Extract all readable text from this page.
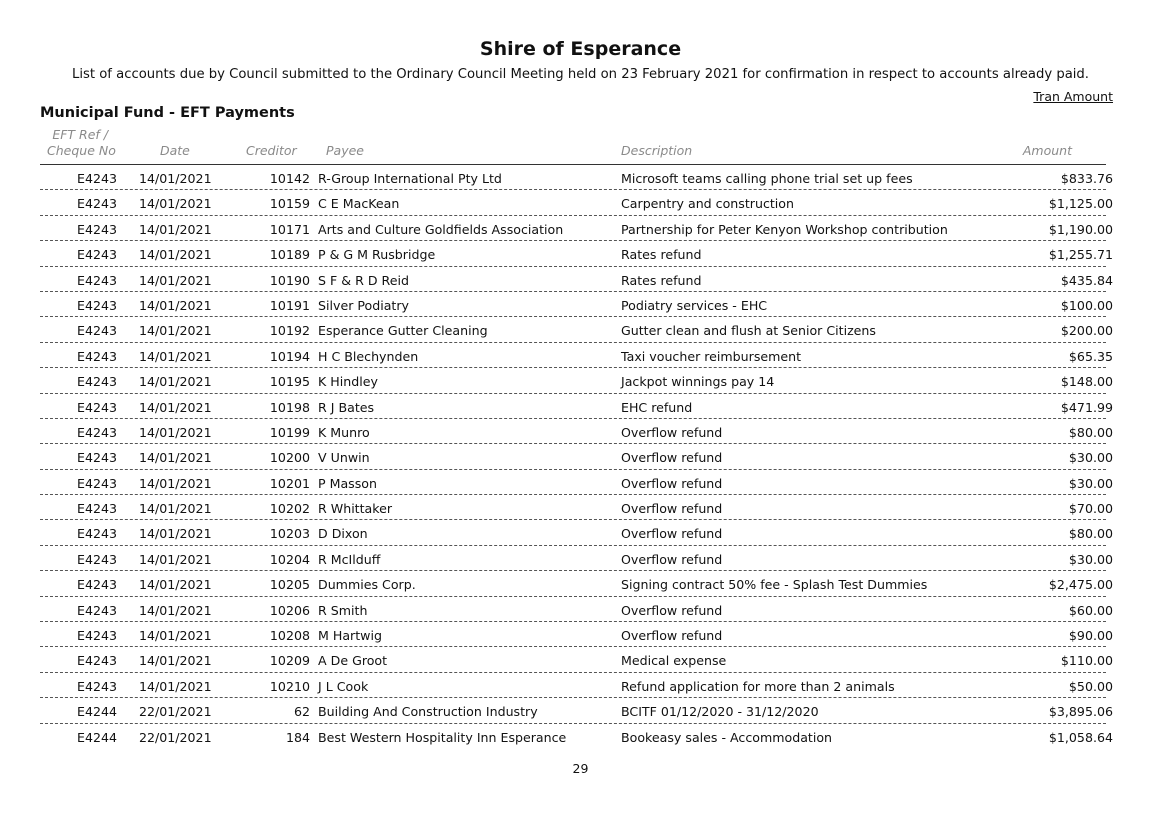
Shire of Esperance
List of accounts due by Council submitted to the Ordinary Council Meeting held on 23 February 2021 for confirmation in respect to accounts already paid.
Tran Amount
Municipal Fund - EFT Payments
EFT Ref /
Cheque No	Date	Creditor Payee	Description	Amount
E4243 14/01/2021	10142 R-Group International Pty Ltd	Microsoft teams calling phone trial set up fees	$833.76
E4243 14/01/2021	10159 C E MacKean	Carpentry and construction	$1,125.00
E4243 14/01/2021	10171 Arts and Culture Goldfields Association	Partnership for Peter Kenyon Workshop contribution	$1,190.00
E4243 14/01/2021	10189 P & G M Rusbridge	Rates refund	$1,255.71
E4243 14/01/2021	10190 S F & R D Reid	Rates refund	$435.84
E4243 14/01/2021	10191 Silver Podiatry	Podiatry services - EHC	$100.00
E4243 14/01/2021	10192 Esperance Gutter Cleaning	Gutter clean and flush at Senior Citizens	$200.00
E4243 14/01/2021	10194 H C Blechynden	Taxi voucher reimbursement	$65.35
E4243 14/01/2021	10195 K Hindley	Jackpot winnings pay 14	$148.00
E4243 14/01/2021	10198 R J Bates	EHC refund	$471.99
E4243 14/01/2021	10199 K Munro	Overflow refund	$80.00
E4243 14/01/2021	10200 V Unwin	Overflow refund	$30.00
E4243 14/01/2021	10201 P Masson	Overflow refund	$30.00
E4243 14/01/2021	10202 R Whittaker	Overflow refund	$70.00
E4243 14/01/2021	10203 D Dixon	Overflow refund	$80.00
E4243 14/01/2021	10204 R McIlduff	Overflow refund	$30.00
E4243 14/01/2021	10205 Dummies Corp.	Signing contract 50% fee - Splash Test Dummies	$2,475.00
E4243 14/01/2021	10206 R Smith	Overflow refund	$60.00
E4243 14/01/2021	10208 M Hartwig	Overflow refund	$90.00
E4243 14/01/2021	10209 A De Groot	Medical expense	$110.00
E4243 14/01/2021	10210 J L Cook	Refund application for more than 2 animals	$50.00
E4244 22/01/2021	62 Building And Construction Industry	BCITF 01/12/2020 - 31/12/2020	$3,895.06
E4244 22/01/2021	184 Best Western Hospitality Inn Esperance	Bookeasy sales - Accommodation	$1,058.64
29
